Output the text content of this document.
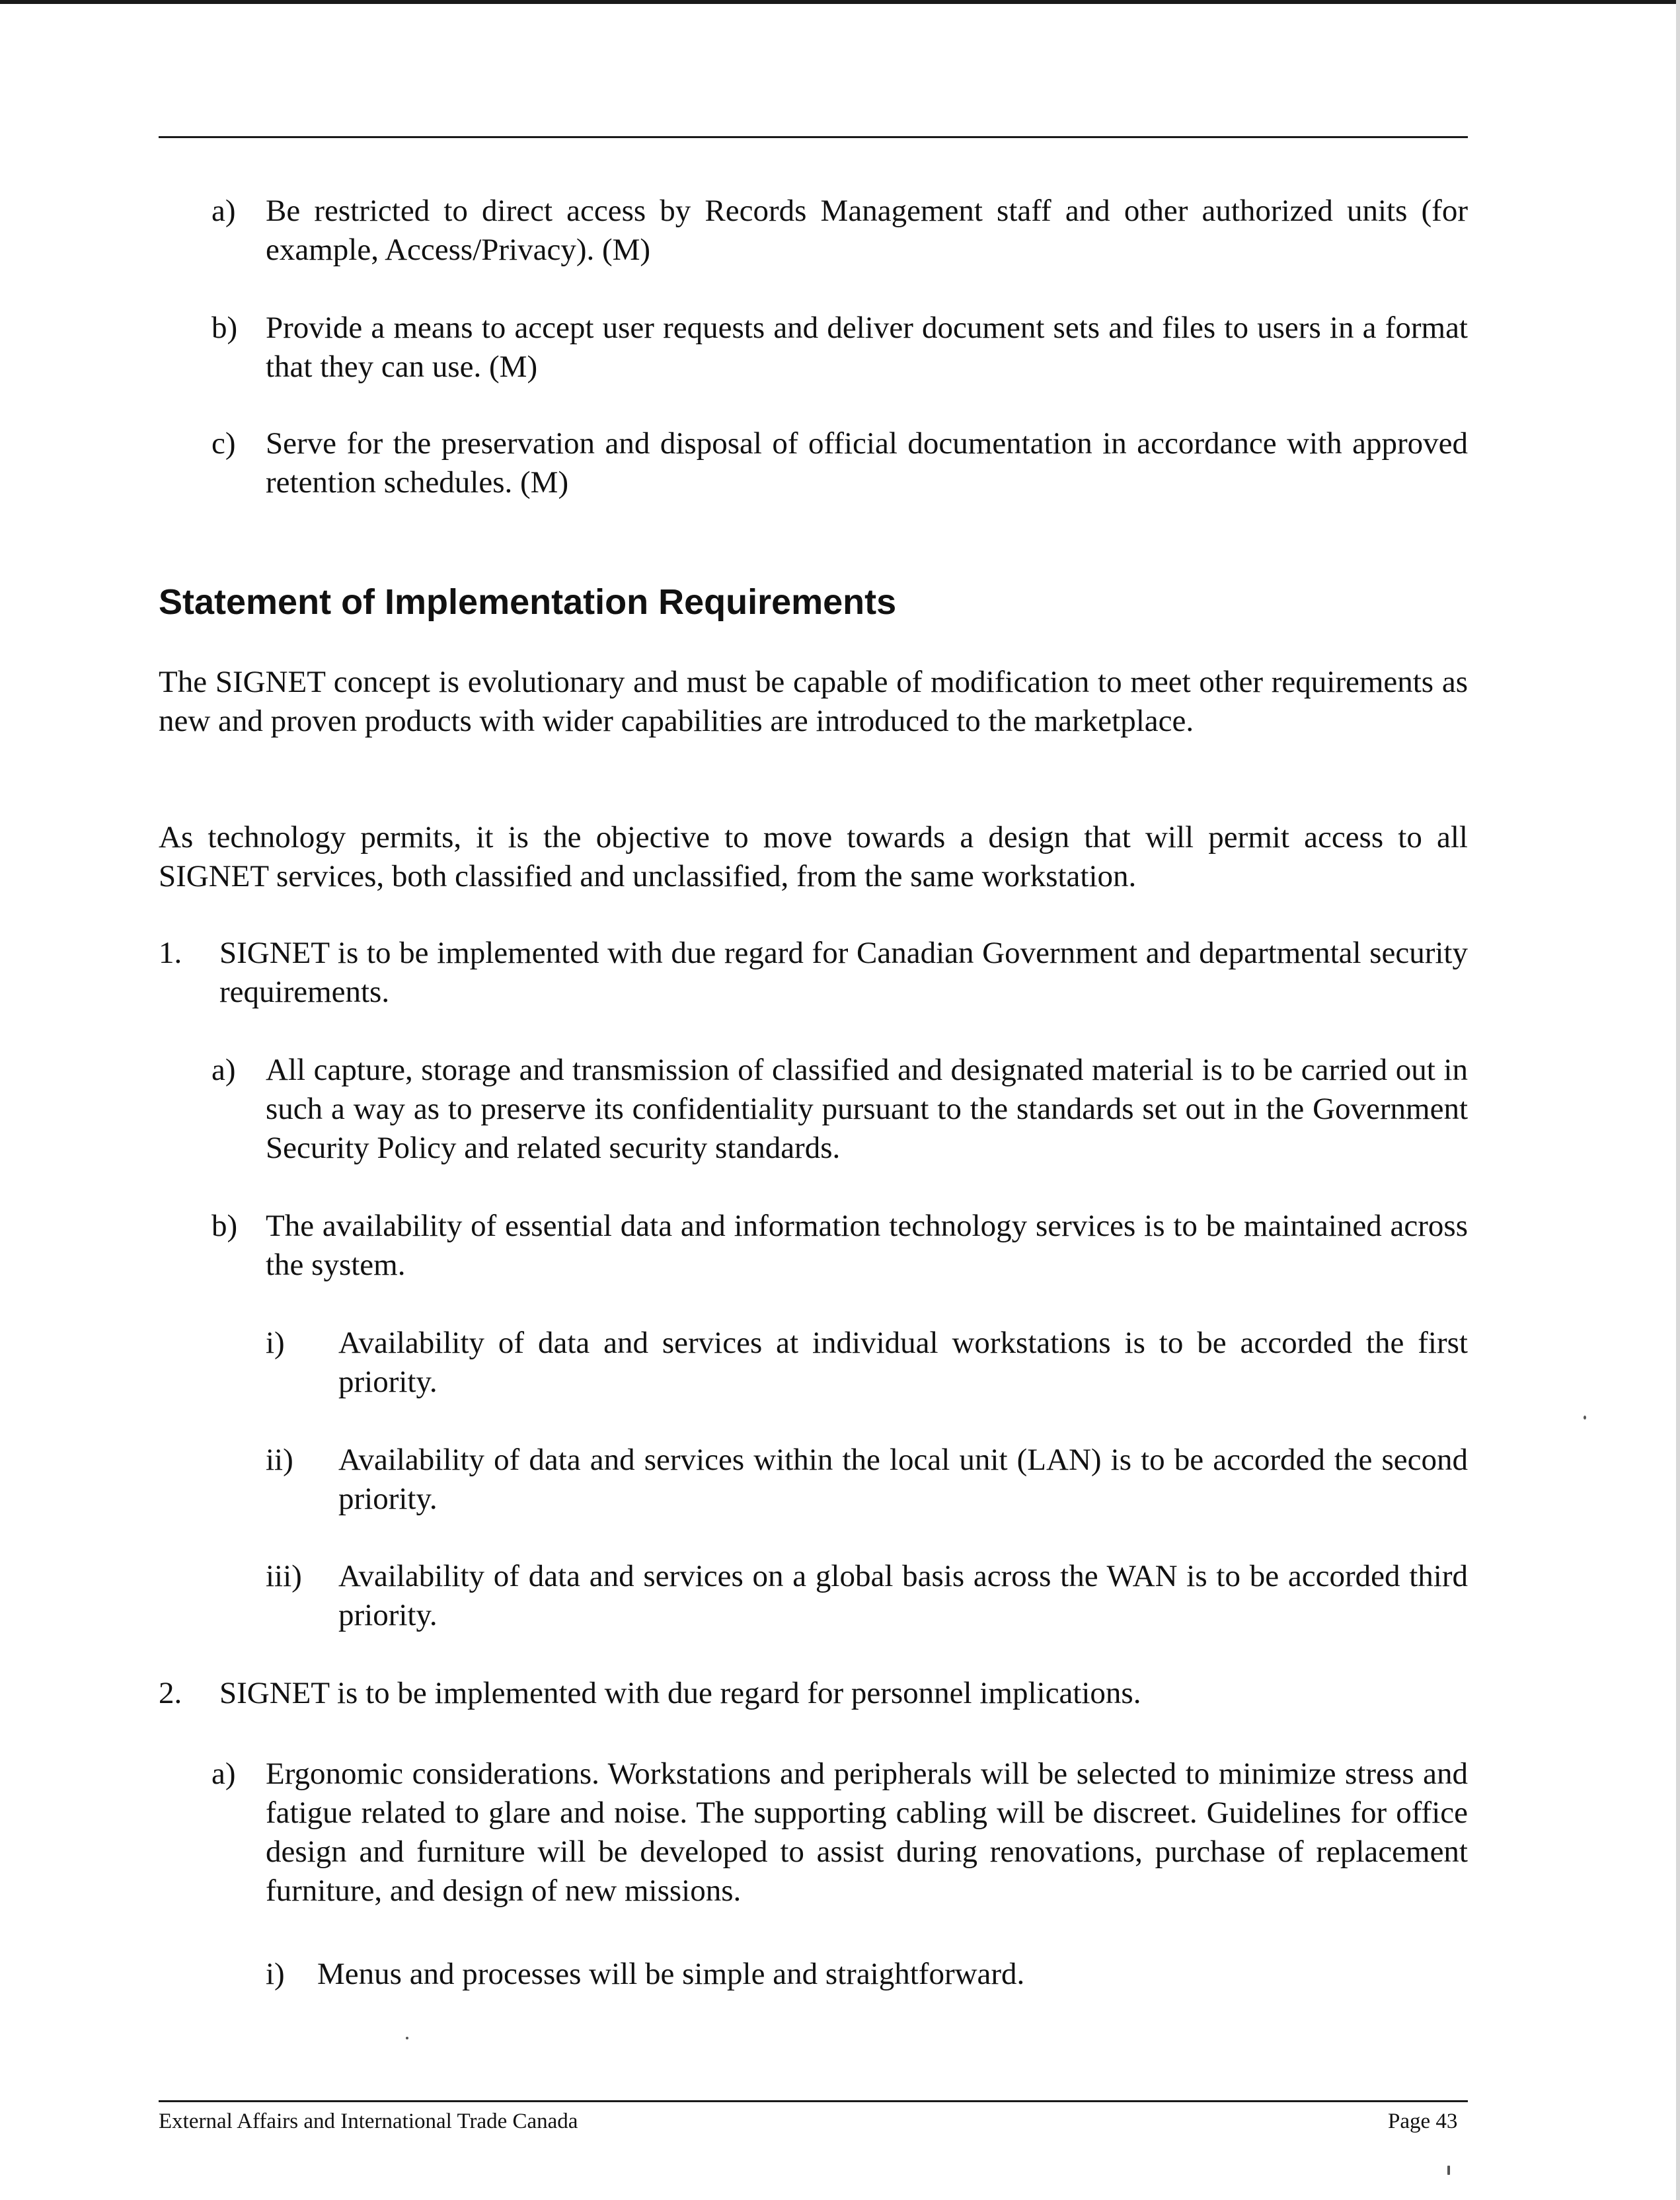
a) Be restricted to direct access by Records Management staff and other authorized units (for example, Access/Privacy). (M)
b) Provide a means to accept user requests and deliver document sets and files to users in a format that they can use. (M)
c) Serve for the preservation and disposal of official documentation in accordance with approved retention schedules. (M)
Statement of Implementation Requirements
The SIGNET concept is evolutionary and must be capable of modification to meet other requirements as new and proven products with wider capabilities are introduced to the marketplace.
As technology permits, it is the objective to move towards a design that will permit access to all SIGNET services, both classified and unclassified, from the same workstation.
1. SIGNET is to be implemented with due regard for Canadian Government and departmental security requirements.
a) All capture, storage and transmission of classified and designated material is to be carried out in such a way as to preserve its confidentiality pursuant to the standards set out in the Government Security Policy and related security standards.
b) The availability of essential data and information technology services is to be maintained across the system.
i) Availability of data and services at individual workstations is to be accorded the first priority.
ii) Availability of data and services within the local unit (LAN) is to be accorded the second priority.
iii) Availability of data and services on a global basis across the WAN is to be accorded third priority.
2. SIGNET is to be implemented with due regard for personnel implications.
a) Ergonomic considerations. Workstations and peripherals will be selected to minimize stress and fatigue related to glare and noise. The supporting cabling will be discreet. Guidelines for office design and furniture will be developed to assist during renovations, purchase of replacement furniture, and design of new missions.
i) Menus and processes will be simple and straightforward.
External Affairs and International Trade Canada	Page 43
